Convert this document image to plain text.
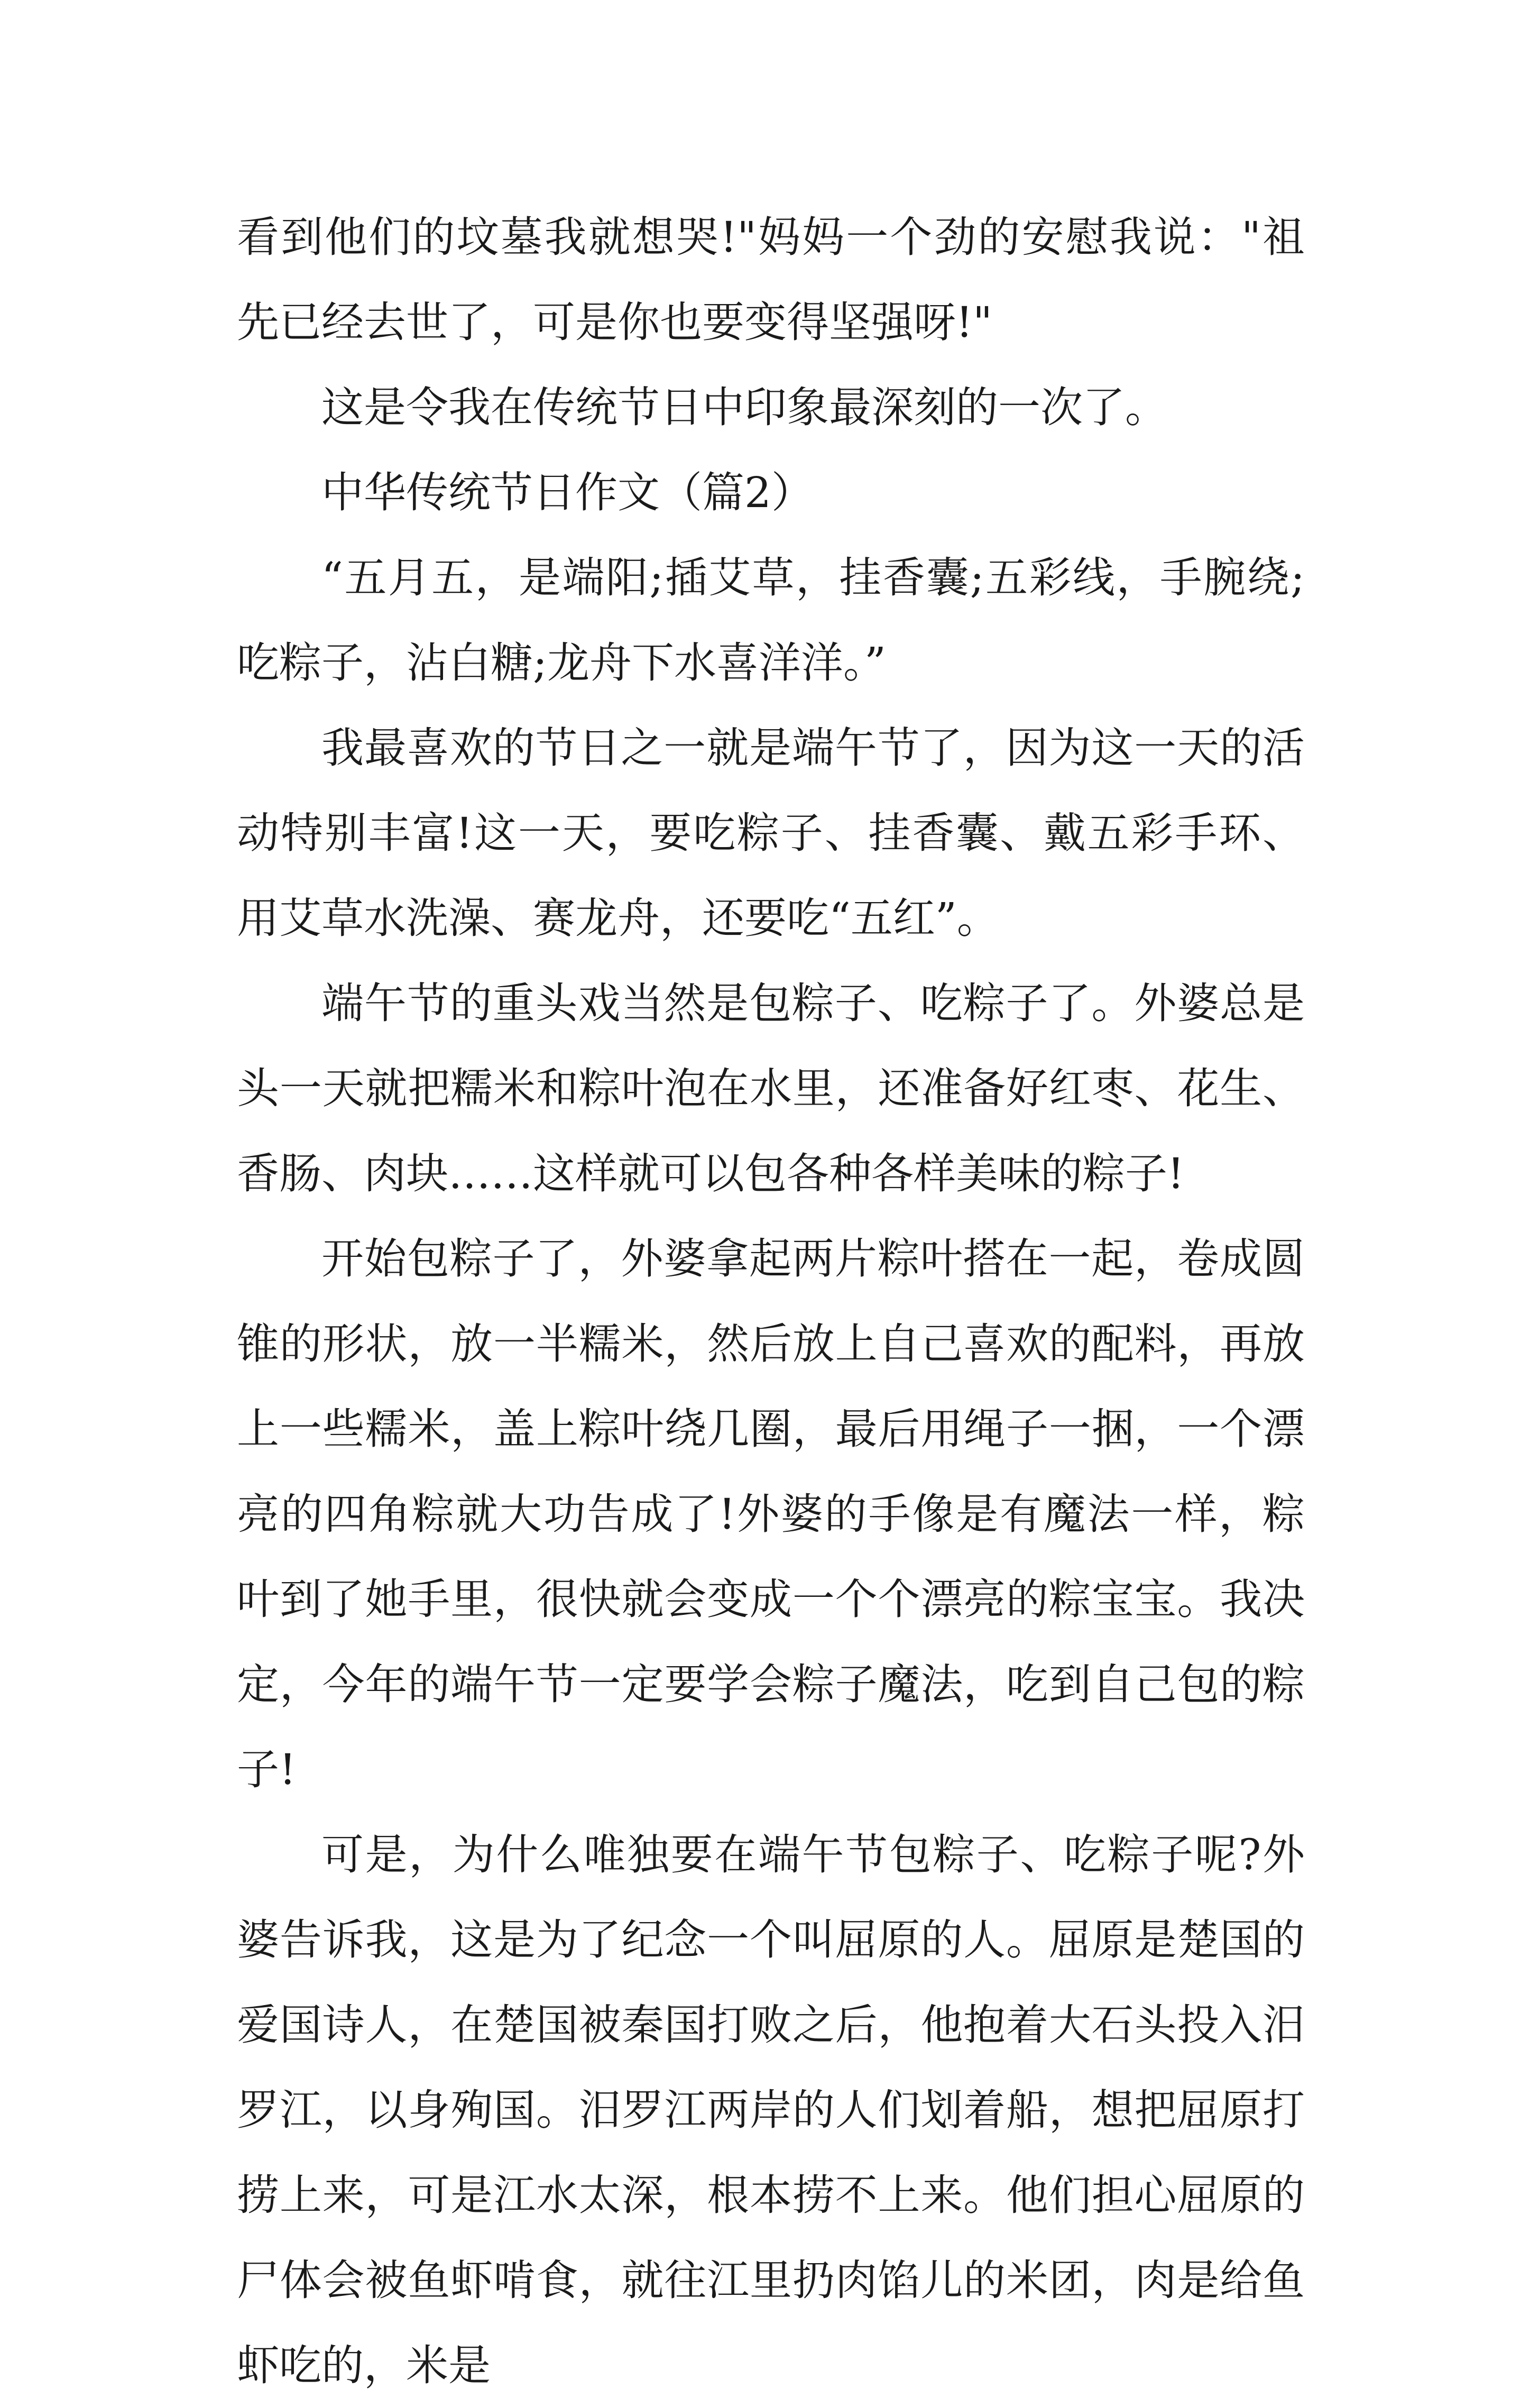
看到他们的坟墓我就想哭!"妈妈一个劲的安慰我说："祖先已经去世了，可是你也要变得坚强呀!"

这是令我在传统节日中印象最深刻的一次了。

中华传统节日作文（篇2）

“五月五，是端阳;插艾草，挂香囊;五彩线，手腕绕;吃粽子，沾白糖;龙舟下水喜洋洋。”

我最喜欢的节日之一就是端午节了，因为这一天的活动特别丰富!这一天，要吃粽子、挂香囊、戴五彩手环、用艾草水洗澡、赛龙舟，还要吃“五红”。

端午节的重头戏当然是包粽子、吃粽子了。外婆总是头一天就把糯米和粽叶泡在水里，还准备好红枣、花生、香肠、肉块……这样就可以包各种各样美味的粽子!

开始包粽子了，外婆拿起两片粽叶搭在一起，卷成圆锥的形状，放一半糯米，然后放上自己喜欢的配料，再放上一些糯米，盖上粽叶绕几圈，最后用绳子一捆，一个漂亮的四角粽就大功告成了!外婆的手像是有魔法一样，粽叶到了她手里，很快就会变成一个个漂亮的粽宝宝。我决定，今年的端午节一定要学会粽子魔法，吃到自己包的粽子!

可是，为什么唯独要在端午节包粽子、吃粽子呢?外婆告诉我，这是为了纪念一个叫屈原的人。屈原是楚国的爱国诗人，在楚国被秦国打败之后，他抱着大石头投入汨罗江，以身殉国。汨罗江两岸的人们划着船，想把屈原打捞上来，可是江水太深，根本捞不上来。他们担心屈原的尸体会被鱼虾啃食，就往江里扔肉馅儿的米团，肉是给鱼虾吃的，米是
